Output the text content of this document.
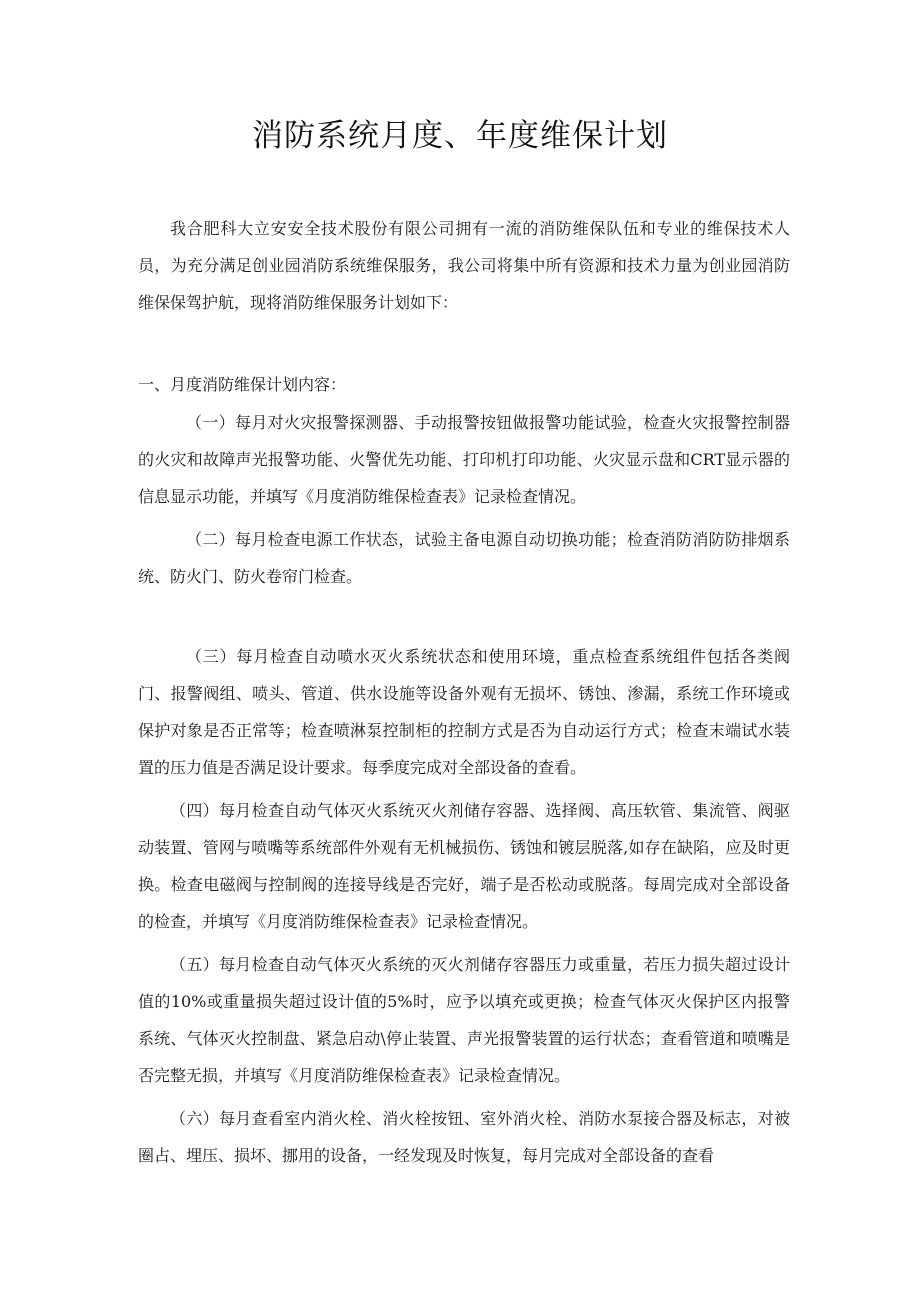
消防系统月度、年度维保计划

我合肥科大立安安全技术股份有限公司拥有一流的消防维保队伍和专业的维保技术人员，为充分满足创业园消防系统维保服务，我公司将集中所有资源和技术力量为创业园消防维保保驾护航，现将消防维保服务计划如下：

一、月度消防维保计划内容：

（一）每月对火灾报警探测器、手动报警按钮做报警功能试验，检查火灾报警控制器的火灾和故障声光报警功能、火警优先功能、打印机打印功能、火灾显示盘和CRT显示器的信息显示功能，并填写《月度消防维保检查表》记录检查情况。

（二）每月检查电源工作状态，试验主备电源自动切换功能；检查消防消防防排烟系统、防火门、防火卷帘门检查。

（三）每月检查自动喷水灭火系统状态和使用环境，重点检查系统组件包括各类阀门、报警阀组、喷头、管道、供水设施等设备外观有无损坏、锈蚀、渗漏，系统工作环境或保护对象是否正常等；检查喷淋泵控制柜的控制方式是否为自动运行方式；检查末端试水装置的压力值是否满足设计要求。每季度完成对全部设备的查看。

（四）每月检查自动气体灭火系统灭火剂储存容器、选择阀、高压软管、集流管、阀驱动装置、管网与喷嘴等系统部件外观有无机械损伤、锈蚀和镀层脱落,如存在缺陷，应及时更换。检查电磁阀与控制阀的连接导线是否完好，端子是否松动或脱落。每周完成对全部设备的检查，并填写《月度消防维保检查表》记录检查情况。

（五）每月检查自动气体灭火系统的灭火剂储存容器压力或重量，若压力损失超过设计值的10%或重量损失超过设计值的5%时，应予以填充或更换；检查气体灭火保护区内报警系统、气体灭火控制盘、紧急启动\停止装置、声光报警装置的运行状态；查看管道和喷嘴是否完整无损，并填写《月度消防维保检查表》记录检查情况。

（六）每月查看室内消火栓、消火栓按钮、室外消火栓、消防水泵接合器及标志，对被圈占、埋压、损坏、挪用的设备，一经发现及时恢复，每月完成对全部设备的查看
